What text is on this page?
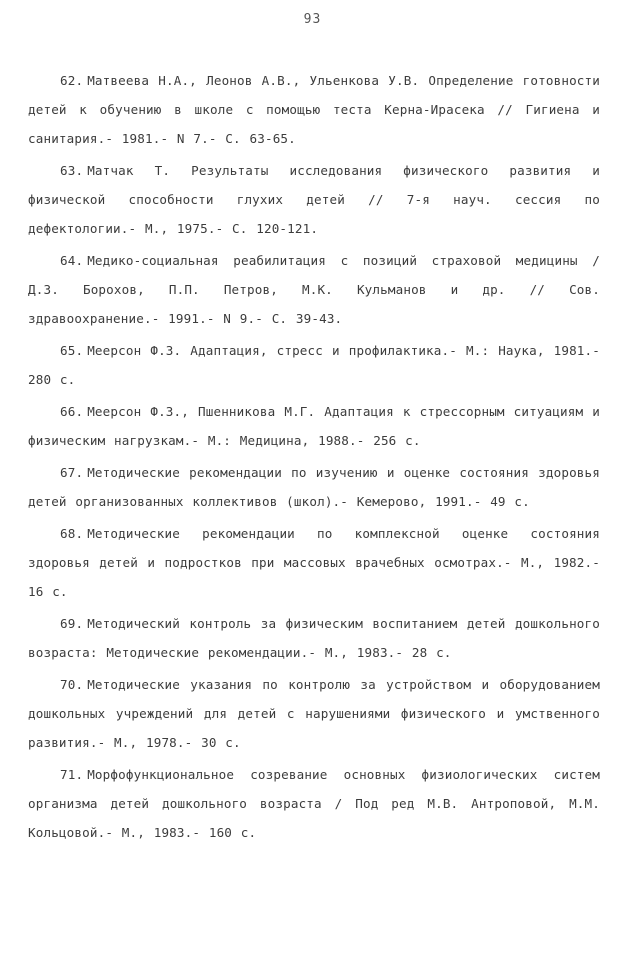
93

62. Матвеева Н.А., Леонов А.В., Ульенкова У.В. Определение готовности детей к обучению в школе с помощью теста Керна-Ирасека // Гигиена и санитария.- 1981.- N 7.- С. 63-65.

63. Матчак Т. Результаты исследования физического развития и физической способности глухих детей // 7-я науч. сессия по дефектологии.- М., 1975.- С. 120-121.

64. Медико-социальная реабилитация с позиций страховой медицины / Д.З. Борохов, П.П. Петров, М.К. Кульманов и др. // Сов. здравоохранение.- 1991.- N 9.- С. 39-43.

65. Меерсон Ф.З. Адаптация, стресс и профилактика.- М.: Наука, 1981.- 280 с.

66. Меерсон Ф.З., Пшенникова М.Г. Адаптация к стрессорным ситуациям и физическим нагрузкам.- М.: Медицина, 1988.- 256 с.

67. Методические рекомендации по изучению и оценке состояния здоровья детей организованных коллективов (школ).- Кемерово, 1991.- 49 с.

68. Методические рекомендации по комплексной оценке состояния здоровья детей и подростков при массовых врачебных осмотрах.- М., 1982.- 16 с.

69. Методический контроль за физическим воспитанием детей дошкольного возраста: Методические рекомендации.- М., 1983.- 28 с.

70. Методические указания по контролю за устройством и оборудованием дошкольных учреждений для детей с нарушениями физического и умственного развития.- М., 1978.- 30 с.

71. Морфофункциональное созревание основных физиологических систем организма детей дошкольного возраста / Под ред М.В. Антроповой, М.М. Кольцовой.- М., 1983.- 160 с.
